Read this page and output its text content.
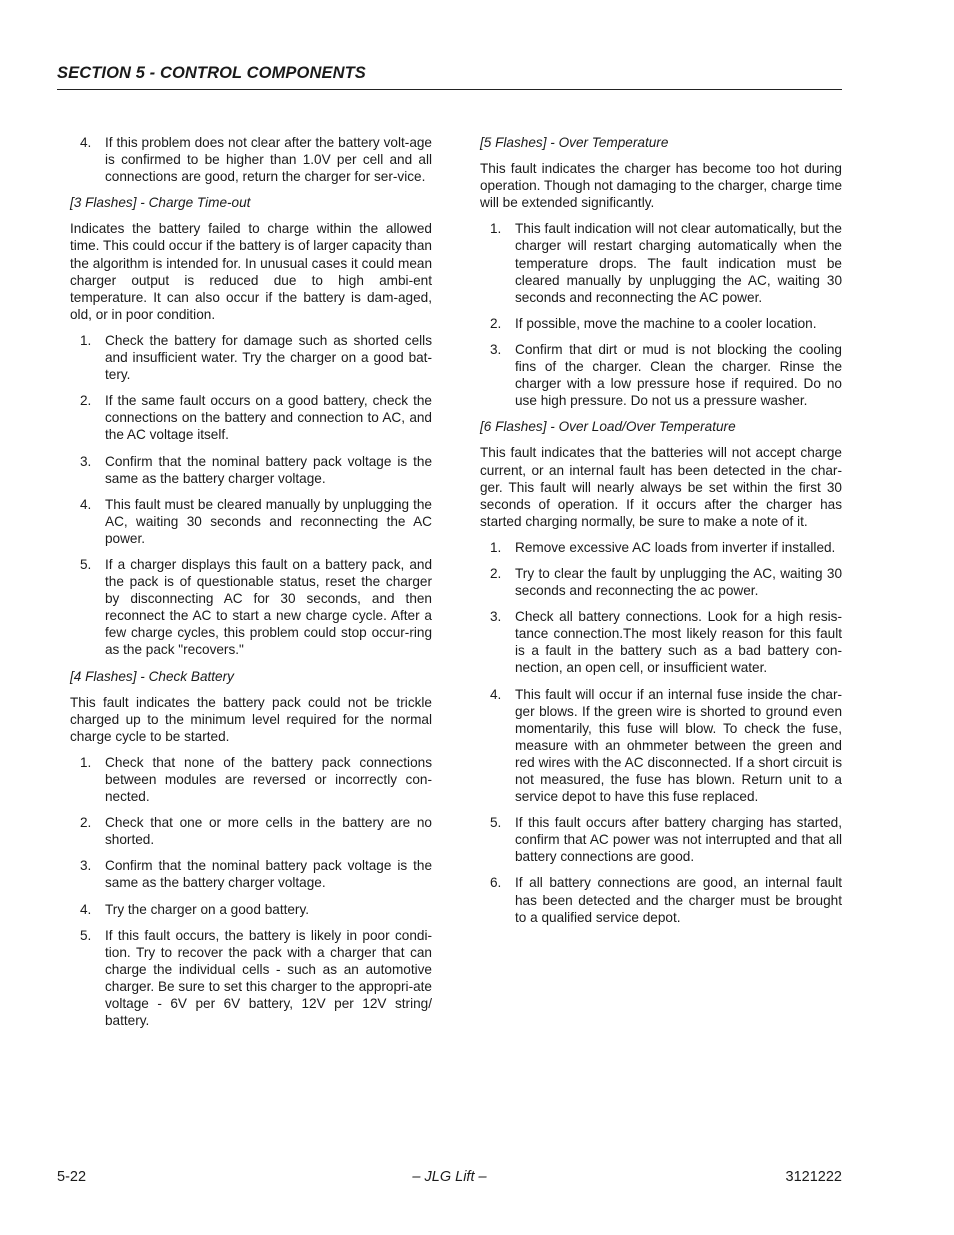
SECTION 5 - CONTROL COMPONENTS
4.	If this problem does not clear after the battery volt-age is confirmed to be higher than 1.0V per cell and all connections are good, return the charger for ser-vice.
[3 Flashes] - Charge Time-out
Indicates the battery failed to charge within the allowed time. This could occur if the battery is of larger capacity than the algorithm is intended for. In unusual cases it could mean charger output is reduced due to high ambi-ent temperature. It can also occur if the battery is dam-aged, old, or in poor condition.
1.	Check the battery for damage such as shorted cells and insufficient water. Try the charger on a good bat-tery.
2.	If the same fault occurs on a good battery, check the connections on the battery and connection to AC, and the AC voltage itself.
3.	Confirm that the nominal battery pack voltage is the same as the battery charger voltage.
4.	This fault must be cleared manually by unplugging the AC, waiting 30 seconds and reconnecting the AC power.
5.	If a charger displays this fault on a battery pack, and the pack is of questionable status, reset the charger by disconnecting AC for 30 seconds, and then reconnect the AC to start a new charge cycle. After a few charge cycles, this problem could stop occur-ring as the pack "recovers."
[4 Flashes] - Check Battery
This fault indicates the battery pack could not be trickle charged up to the minimum level required for the normal charge cycle to be started.
1.	Check that none of the battery pack connections between modules are reversed or incorrectly con-nected.
2.	Check that one or more cells in the battery are no shorted.
3.	Confirm that the nominal battery pack voltage is the same as the battery charger voltage.
4.	Try the charger on a good battery.
5.	If this fault occurs, the battery is likely in poor condi-tion. Try to recover the pack with a charger that can charge the individual cells - such as an automotive charger. Be sure to set this charger to the appropri-ate voltage - 6V per 6V battery, 12V per 12V string/ battery.
[5 Flashes] - Over Temperature
This fault indicates the charger has become too hot during operation. Though not damaging to the charger, charge time will be extended significantly.
1.	This fault indication will not clear automatically, but the charger will restart charging automatically when the temperature drops. The fault indication must be cleared manually by unplugging the AC, waiting 30 seconds and reconnecting the AC power.
2.	If possible, move the machine to a cooler location.
3.	Confirm that dirt or mud is not blocking the cooling fins of the charger. Clean the charger. Rinse the charger with a low pressure hose if required. Do no use high pressure. Do not us a pressure washer.
[6 Flashes] - Over Load/Over Temperature
This fault indicates that the batteries will not accept charge current, or an internal fault has been detected in the char-ger. This fault will nearly always be set within the first 30 seconds of operation. If it occurs after the charger has started charging normally, be sure to make a note of it.
1.	Remove excessive AC loads from inverter if installed.
2.	Try to clear the fault by unplugging the AC, waiting 30 seconds and reconnecting the ac power.
3.	Check all battery connections. Look for a high resis-tance connection.The most likely reason for this fault is a fault in the battery such as a bad battery con-nection, an open cell, or insufficient water.
4.	This fault will occur if an internal fuse inside the char-ger blows. If the green wire is shorted to ground even momentarily, this fuse will blow. To check the fuse, measure with an ohmmeter between the green and red wires with the AC disconnected. If a short circuit is not measured, the fuse has blown. Return unit to a service depot to have this fuse replaced.
5.	If this fault occurs after battery charging has started, confirm that AC power was not interrupted and that all battery connections are good.
6.	If all battery connections are good, an internal fault has been detected and the charger must be brought to a qualified service depot.
5-22	– JLG Lift –	3121222
